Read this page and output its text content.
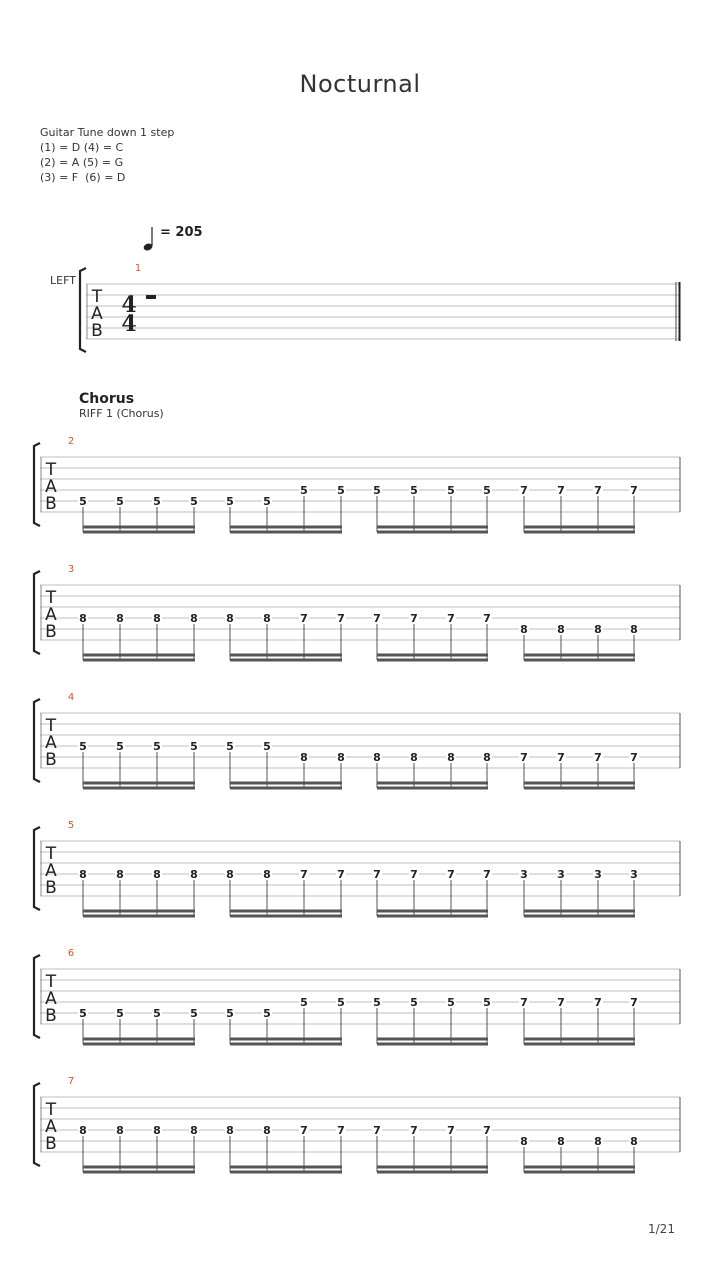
Nocturnal
Guitar Tune down 1 step
(1) = D (4) = C
(2) = A (5) = G
(3) = F  (6) = D
= 205
LEFT
Chorus
RIFF 1 (Chorus)
T
A
B
4
4
1
T
A
B
2
5	5	5	5	5	5
5	5	5	5	5	5	7	7	7	7
T
A
B
3
8	8	8	8	8	8	7	7	7	7	7	7
8	8	8	8
T
A
B
4
5	5	5	5	5	5
8	8	8	8	8	8	7	7	7	7
T
A
B
5
8	8	8	8	8	8	7	7	7	7	7	7	3	3	3	3
T
A
B
6
5	5	5	5	5	5
5	5	5	5	5	5	7	7	7	7
T
A
B
7
8	8	8	8	8	8	7	7	7	7	7	7
8	8	8	8
1/21
